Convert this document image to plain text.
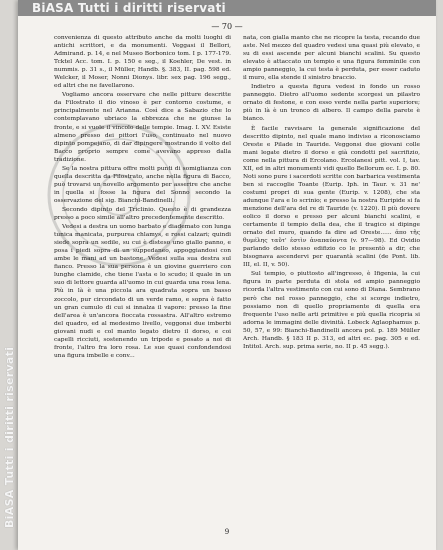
BiASA Tutti i diritti riservati
— 70 —

convenienza di questo attributo anche da molti luoghi di antichi scrittori, e da monumenti. Veggasi il Bellori, Admirand. p. 14, e nel Museo Borbonico tom. I p. 177-179. Tcktel Acc. tom. I. p. 150 e seg., il Koehler, De vest. in nummis. p. 31 s., il Müller, Handb. §. 383, II. pag. 598 ed. Welcker, il Moser, Nonni Dionys. libr. sex pag. 196 segg., ed altri che ne favellarono.

Vogliamo ancora osservare che nelle pitture descritte da Filostrato il dio vinoso è per contorno costume, e principalmente nel Arianna. Così dice a Sabazio che lo contemplavano ubriaco la ebbrezza che ne giunse la fronte, e si vuole il vincolo delle tempie. Imag. I. XV. Esiste almeno presso dei pittori l'uso, continuato nel nuovo dipinto pompejano, di dar dipingere mostrando il volto del Bacco proprio sempre come avevano appreso dalla tradizione.

Se la nostra pittura offre molti punti di somiglianza con quella descritta da Filostrato, anche nella figura di Bacco, può trovarsi un novello argomento per asserire che anche in quella si fosse la figura del Sonno secondo la osservazione del sig. Bianchi-Bandinelli.

Secondo dipinto del Triclinio. Questo è di grandezza presso a poco simile all'altro precedentemente descritto.

Vedesi a destra un uomo barbato e diademato con lunga tunica manicata, purpurea chlamys, e rossi calzari; quindi siede sopra un sedile, su cui è disteso uno giallo panno, e posa i piedi sopra di un suppedaneo, appoggiandosi con ambe le mani ad un bastone. Vedesi sulla sua destra sul fianco. Presso la sua persona è un giovine guerriero con lunghe clamide, che tiene l'asta e lo scudo; il quale in un suo di lettore guarda all'uomo in cui guarda una rosa lena. Più in là è una piccola ara quadrata sopra un basso zoccolo, pur circondato di un verde ramo, e sopra è fatto un gran cumulo di cui si innalza il vapore: presso la fine dell'area è un'ancora fioccata rossastra. All'altro estremo del quadro, ed al medesimo livello, veggonsi due imberbi giovani nudi e col manto legato dietro il dorso, e coi capelli ricciuti, sostenendo un tripode e posato a noi di fronte, l'altro fra loro rosa. Le sue quasi confondendosi una figura imbelle e conv...

nata, con gialla manto che ne ricopre la testa, recando due aste. Nel mezzo del quadro vedesi una quasi più elevato, e su di essi ascende per alcuni bianchi scalini. Su questo elevato è attaccato un tempio e una figura femminile con ampio panneggio, la cui testa è perduta, per esser caduto il muro, ella stende il sinistro braccio.

Indietro a questa figura vedesi in fondo un rosso panneggio. Dietro all'uomo sedente scorgesi un pilastro ornato di festone, e con esso verde nella parte superiore; più in là è un tronco di albero. Il campo della parete è bianco.

È facile ravvisare la generale significazione del descritto dipinto, nel quale mano indiviso a riconosciamo Oreste e Pilade in Tauride. Veggonsi due giovani colle mani legate dietro il dorso e già condotti pel sacrifizio, come nella pittura di Ercolano. Ercolanesi pitt. vol. I, tav. XII, ed in altri monumenti vidi quello Bellorum ec. I. p. 80. Noti sono pure i sacerdoti scritte con barbarica vestimenta ben si raccoglie Toante (Eurip. Iph. in Taur. v. 31 ne' costumi propri di sua gente (Eurip. v. 1208), che sta adunque l'ara e lo scrinio; e presso la nostra Euripide si fa menzione dell'ara del re di Tauride (v. 1220). Il più dovere eolico il dorso e presso per alcuni bianchi scalini, e certamente il tempio della dea, che il tragico si dipinge ornato del muro, quando fa dire ad Oreste...... ἀπο τῆς θυμέλης ταῦτ' ἐστὶν ἀναπαύοντα (v. 97—98). Ed Ovidio parlando dello stesso edifizio co le presentò a dir, che bisognava ascendervi per quarantà scalini (de Pont. lib. III, el. II, v. 50).

Sul tempio, o piuttosto all'ingresso, è Ifigenia, la cui figura in parte perduta di stola ed ampio panneggio ricorda l'altra vestimento con cui sono di Diana. Sembrano però che nel rosso panneggio, che si scorge indietro, possiamo non di quello propriamente di quella era frequente l'uso nelle arti primitive e più quella ricopria si adorna le immagini delle divinità. Lobeck Aglaophamus p. 50, 57, e 99: Bianchi-Bandinelli ancora pol. p. 189 Müller Arch. Handb. § 183 II p. 313, ed altri ec. pag. 305 e ed. Intitol. Arch. sup. prima serie, no. II p. 45 segg.).

9
BiASA Tutti i diritti riservati
